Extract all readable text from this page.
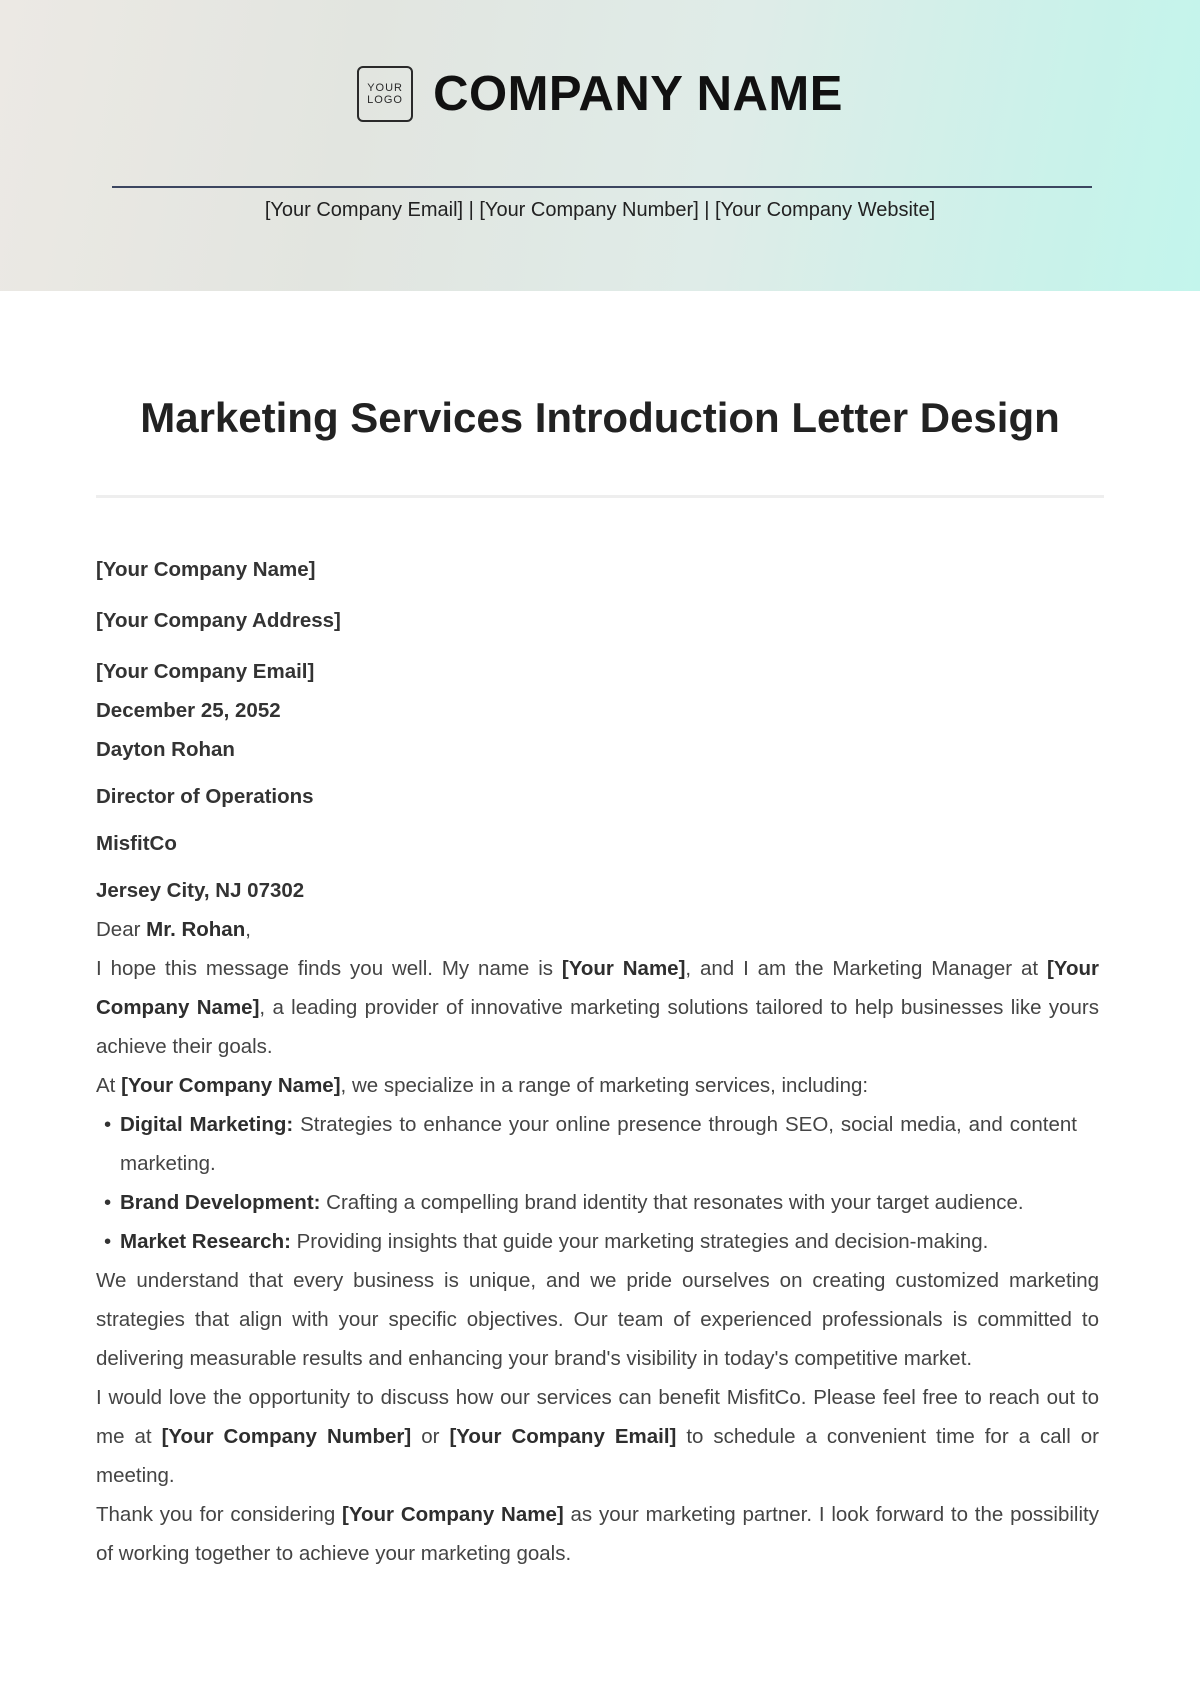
YOUR
LOGO COMPANY NAME
[Your Company Email] | [Your Company Number] | [Your Company Website]
Marketing Services Introduction Letter Design
[Your Company Name]
[Your Company Address]
[Your Company Email]
December 25, 2052
Dayton Rohan
Director of Operations
MisfitCo
Jersey City, NJ 07302

Dear Mr. Rohan,

I hope this message finds you well. My name is [Your Name], and I am the Marketing Manager at [Your Company Name], a leading provider of innovative marketing solutions tailored to help businesses like yours achieve their goals.

At [Your Company Name], we specialize in a range of marketing services, including:

• Digital Marketing: Strategies to enhance your online presence through SEO, social media, and content marketing.
• Brand Development: Crafting a compelling brand identity that resonates with your target audience.
• Market Research: Providing insights that guide your marketing strategies and decision-making.

We understand that every business is unique, and we pride ourselves on creating customized marketing strategies that align with your specific objectives. Our team of experienced professionals is committed to delivering measurable results and enhancing your brand's visibility in today's competitive market.

I would love the opportunity to discuss how our services can benefit MisfitCo. Please feel free to reach out to me at [Your Company Number] or [Your Company Email] to schedule a convenient time for a call or meeting.

Thank you for considering [Your Company Name] as your marketing partner. I look forward to the possibility of working together to achieve your marketing goals.
